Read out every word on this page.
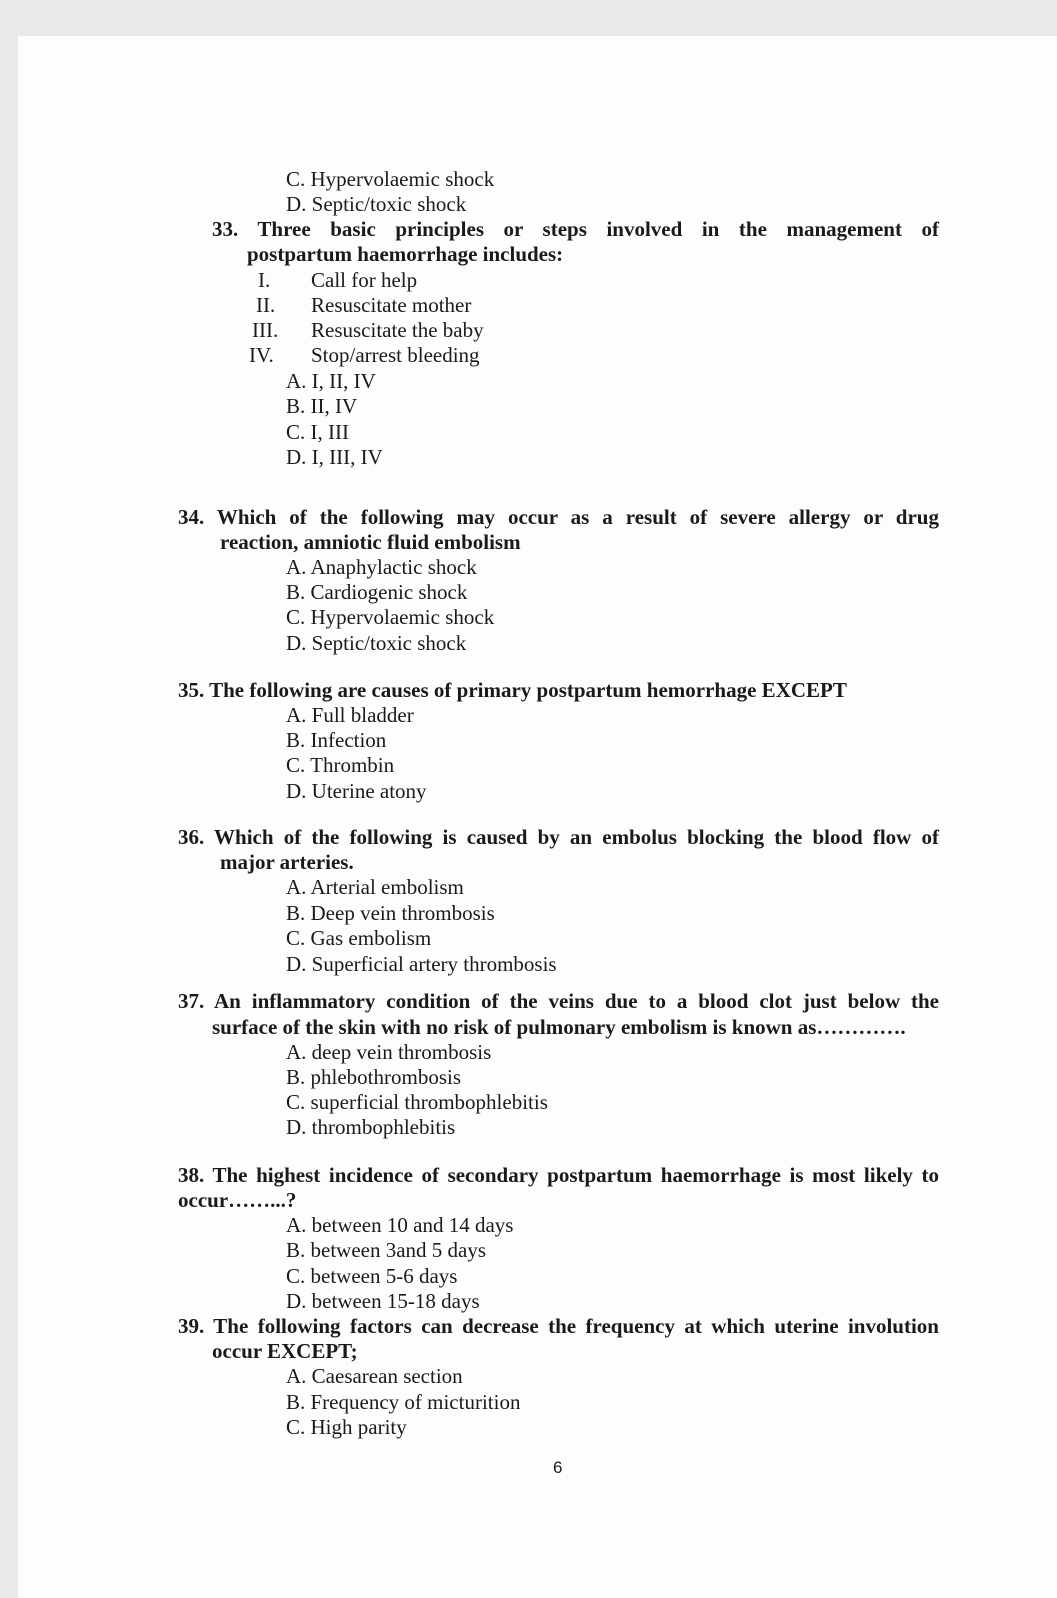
C. Hypervolaemic shock
D. Septic/toxic shock
33. Three basic principles or steps involved in the management of
postpartum haemorrhage includes:
I. Call for help
II. Resuscitate mother
III. Resuscitate the baby
IV. Stop/arrest bleeding
A. I, II, IV
B. II, IV
C. I, III
D. I, III, IV
34. Which of the following may occur as a result of severe allergy or drug
reaction, amniotic fluid embolism
A. Anaphylactic shock
B. Cardiogenic shock
C. Hypervolaemic shock
D. Septic/toxic shock
35. The following are causes of primary postpartum hemorrhage EXCEPT
A. Full bladder
B. Infection
C. Thrombin
D. Uterine atony
36. Which of the following is caused by an embolus blocking the blood flow of
major arteries.
A. Arterial embolism
B. Deep vein thrombosis
C. Gas embolism
D. Superficial artery thrombosis
37. An inflammatory condition of the veins due to a blood clot just below the
surface of the skin with no risk of pulmonary embolism is known as………….
A. deep vein thrombosis
B. phlebothrombosis
C. superficial thrombophlebitis
D. thrombophlebitis
38. The highest incidence of secondary postpartum haemorrhage is most likely to
occur……...?
A. between 10 and 14 days
B. between 3and 5 days
C. between 5-6 days
D. between 15-18 days
39. The following factors can decrease the frequency at which uterine involution
occur EXCEPT;
A. Caesarean section
B. Frequency of micturition
C. High parity
6
